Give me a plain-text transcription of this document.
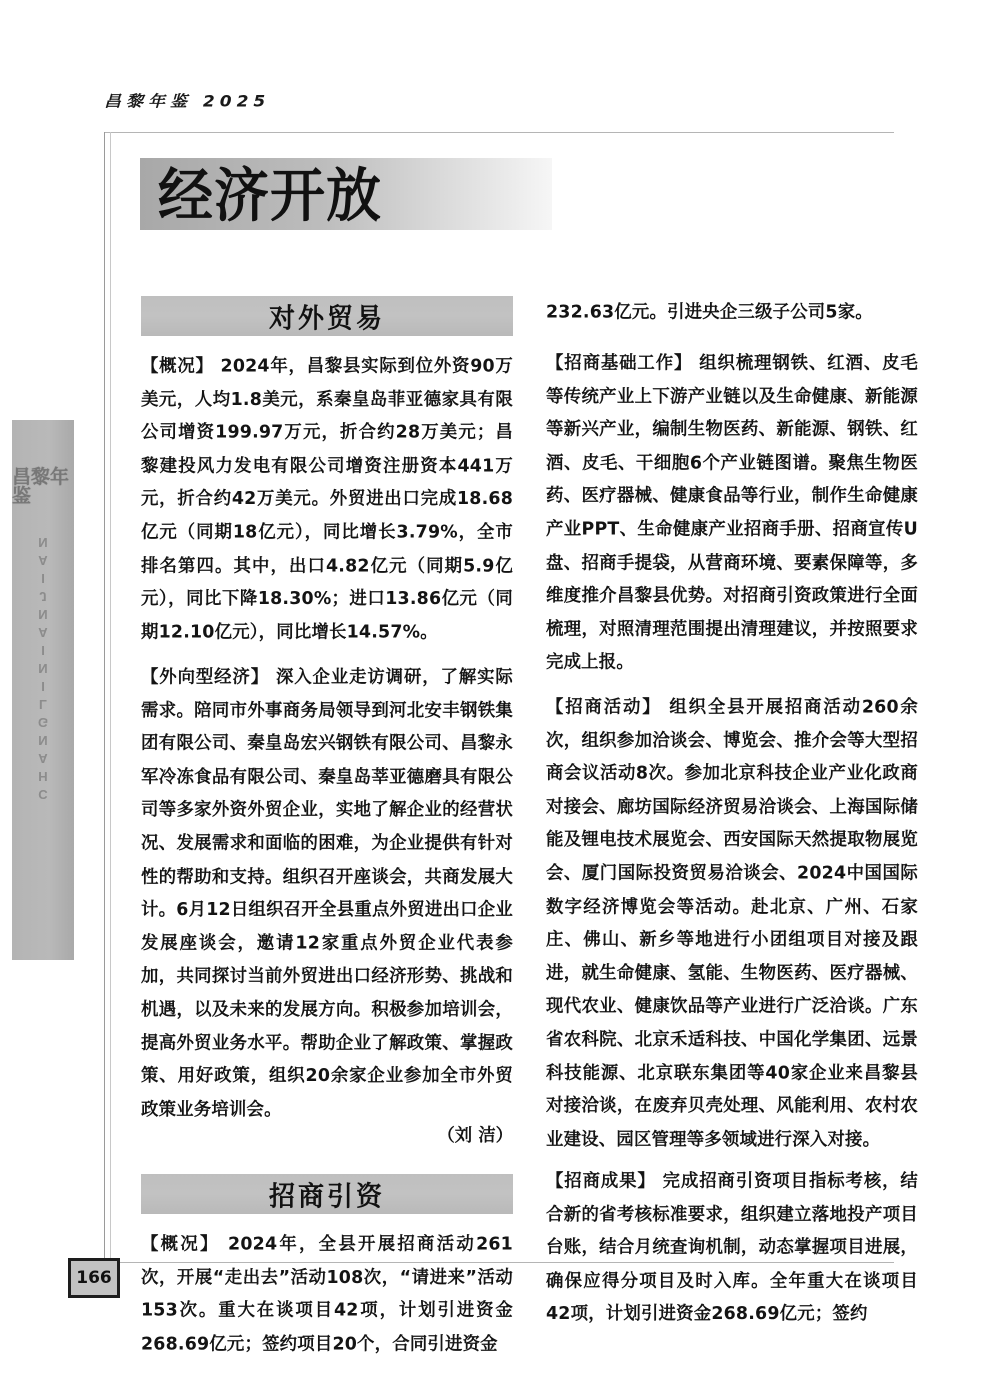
昌黎年鉴 2025
昌黎年鉴
CHANGLINIANJIAN
经济开放
对外贸易

【概况】 2024年，昌黎县实际到位外资90万美元，人均1.8美元，系秦皇岛菲亚德家具有限公司增资199.97万元，折合约28万美元；昌黎建投风力发电有限公司增资注册资本441万元，折合约42万美元。外贸进出口完成18.68亿元（同期18亿元），同比增长3.79%，全市排名第四。其中，出口4.82亿元（同期5.9亿元），同比下降18.30%；进口13.86亿元（同期12.10亿元），同比增长14.57%。

【外向型经济】 深入企业走访调研，了解实际需求。陪同市外事商务局领导到河北安丰钢铁集团有限公司、秦皇岛宏兴钢铁有限公司、昌黎永军冷冻食品有限公司、秦皇岛莘亚德磨具有限公司等多家外资外贸企业，实地了解企业的经营状况、发展需求和面临的困难，为企业提供有针对性的帮助和支持。组织召开座谈会，共商发展大计。6月12日组织召开全县重点外贸进出口企业发展座谈会，邀请12家重点外贸企业代表参加，共同探讨当前外贸进出口经济形势、挑战和机遇，以及未来的发展方向。积极参加培训会，提高外贸业务水平。帮助企业了解政策、掌握政策、用好政策，组织20余家企业参加全市外贸政策业务培训会。

（刘 洁）
招商引资

【概况】 2024年，全县开展招商活动261次，开展“走出去”活动108次，“请进来”活动153次。重大在谈项目42项，计划引进资金268.69亿元；签约项目20个，合同引进资金

232.63亿元。引进央企三级子公司5家。

【招商基础工作】 组织梳理钢铁、红酒、皮毛等传统产业上下游产业链以及生命健康、新能源等新兴产业，编制生物医药、新能源、钢铁、红酒、皮毛、干细胞6个产业链图谱。聚焦生物医药、医疗器械、健康食品等行业，制作生命健康产业PPT、生命健康产业招商手册、招商宣传U盘、招商手提袋，从营商环境、要素保障等，多维度推介昌黎县优势。对招商引资政策进行全面梳理，对照清理范围提出清理建议，并按照要求完成上报。

【招商活动】 组织全县开展招商活动260余次，组织参加洽谈会、博览会、推介会等大型招商会议活动8次。参加北京科技企业产业化政商对接会、廊坊国际经济贸易洽谈会、上海国际储能及锂电技术展览会、西安国际天然提取物展览会、厦门国际投资贸易洽谈会、2024中国国际数字经济博览会等活动。赴北京、广州、石家庄、佛山、新乡等地进行小团组项目对接及跟进，就生命健康、氢能、生物医药、医疗器械、现代农业、健康饮品等产业进行广泛洽谈。广东省农科院、北京禾适科技、中国化学集团、远景科技能源、北京联东集团等40家企业来昌黎县对接洽谈，在废弃贝壳处理、风能利用、农村农业建设、园区管理等多领域进行深入对接。

【招商成果】 完成招商引资项目指标考核，结合新的省考核标准要求，组织建立落地投产项目台账，结合月统查询机制，动态掌握项目进展，确保应得分项目及时入库。全年重大在谈项目42项，计划引进资金268.69亿元；签约

166
